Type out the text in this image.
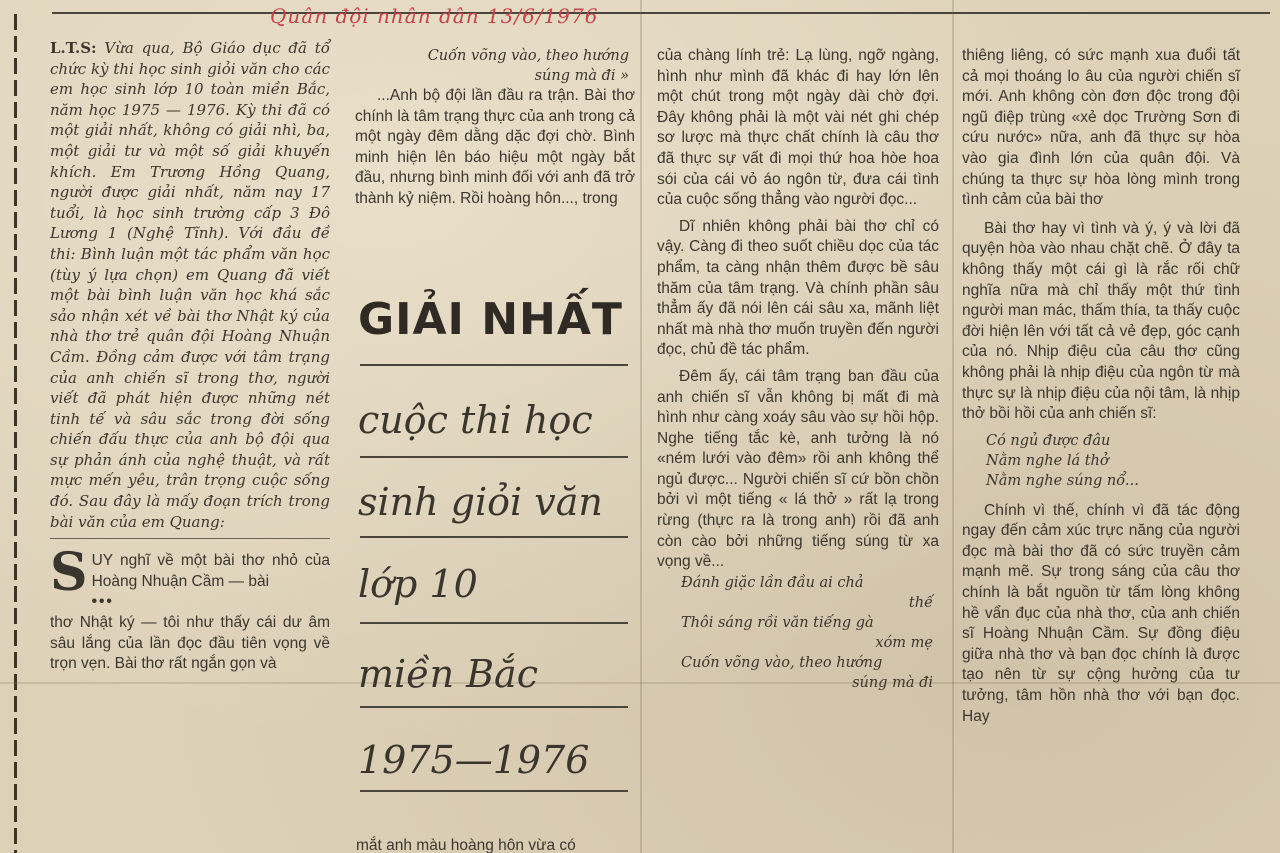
Quân đội nhân dân 13/6/1976

L.T.S: Vừa qua, Bộ Giáo dục đã tổ chức kỳ thi học sinh giỏi văn cho các em học sinh lớp 10 toàn miền Bắc, năm học 1975 — 1976. Kỳ thi đã có một giải nhất, không có giải nhì, ba, một giải tư và một số giải khuyến khích. Em Trương Hồng Quang, người được giải nhất, năm nay 17 tuổi, là học sinh trường cấp 3 Đô Lương 1 (Nghệ Tĩnh). Với đầu đề thi: Bình luận một tác phẩm văn học (tùy ý lựa chọn) em Quang đã viết một bài bình luận văn học khá sắc sảo nhận xét về bài thơ Nhật ký của nhà thơ trẻ quân đội Hoàng Nhuận Cầm. Đồng cảm được với tâm trạng của anh chiến sĩ trong thơ, người viết đã phát hiện được những nét tinh tế và sâu sắc trong đời sống chiến đấu thực của anh bộ đội qua sự phản ánh của nghệ thuật, và rất mực mến yêu, trân trọng cuộc sống đó. Sau đây là mấy đoạn trích trong bài văn của em Quang:

S UY nghĩ về một bài thơ nhỏ của Hoàng Nhuận Cầm — bài

•••

thơ Nhật ký — tôi như thấy cái dư âm sâu lắng của lần đọc đầu tiên vọng về trọn vẹn. Bài thơ rất ngắn gọn và

Cuốn võng vào, theo hướng

súng mà đi »

...Anh bộ đội lần đầu ra trận. Bài thơ chính là tâm trạng thực của anh trong cả một ngày đêm dằng dặc đợi chờ. Bình minh hiện lên báo hiệu một ngày bắt đầu, nhưng bình minh đối với anh đã trở thành kỷ niệm. Rồi hoàng hôn..., trong

GIẢI NHẤT
cuộc thi học
sinh giỏi văn
lớp 10
miền Bắc
1975—1976

mắt anh màu hoàng hôn vừa có

của chàng lính trẻ: Lạ lùng, ngỡ ngàng, hình như mình đã khác đi hay lớn lên một chút trong một ngày dài chờ đợi. Đây không phải là một vài nét ghi chép sơ lược mà thực chất chính là câu thơ đã thực sự vất đi mọi thứ hoa hòe hoa sói của cái vỏ áo ngôn từ, đưa cái tình của cuộc sống thẳng vào người đọc...

Dĩ nhiên không phải bài thơ chỉ có vậy. Càng đi theo suốt chiều dọc của tác phẩm, ta càng nhận thêm được bề sâu thăm của tâm trạng. Và chính phần sâu thẳm ấy đã nói lên cái sâu xa, mãnh liệt nhất mà nhà thơ muốn truyền đến người đọc, chủ đề tác phẩm.

Đêm ấy, cái tâm trạng ban đầu của anh chiến sĩ vẫn không bị mất đi mà hình như càng xoáy sâu vào sự hồi hộp. Nghe tiếng tắc kè, anh tưởng là nó «ném lưới vào đêm» rồi anh không thể ngủ được... Người chiến sĩ cứ bồn chồn bởi vì một tiếng « lá thở » rất lạ trong rừng (thực ra là trong anh) rồi đã anh còn cào bởi những tiếng súng từ xa vọng về...

Đánh giặc lần đầu ai chả

thế

Thôi sáng rồi văn tiếng gà

xóm mẹ

Cuốn võng vào, theo hướng

súng mà đi

thiêng liêng, có sức mạnh xua đuổi tất cả mọi thoáng lo âu của người chiến sĩ mới. Anh không còn đơn độc trong đội ngũ điệp trùng «xẻ dọc Trường Sơn đi cứu nước» nữa, anh đã thực sự hòa vào gia đình lớn của quân đội. Và chúng ta thực sự hòa lòng mình trong tình cảm của bài thơ

Bài thơ hay vì tình và ý, ý và lời đã quyện hòa vào nhau chặt chẽ. Ở đây ta không thấy một cái gì là rắc rối chữ nghĩa nữa mà chỉ thấy một thứ tình người man mác, thấm thía, ta thấy cuộc đời hiện lên với tất cả vẻ đẹp, góc cạnh của nó. Nhịp điệu của câu thơ cũng không phải là nhịp điệu của ngôn từ mà thực sự là nhịp điệu của nội tâm, là nhịp thở bồi hồi của anh chiến sĩ:

Có ngủ được đâu

Nằm nghe lá thở

Nằm nghe súng nổ...

Chính vì thế, chính vì đã tác động ngay đến cảm xúc trực năng của người đọc mà bài thơ đã có sức truyền cảm mạnh mẽ. Sự trong sáng của câu thơ chính là bắt nguồn từ tấm lòng không hề vẩn đục của nhà thơ, của anh chiến sĩ Hoàng Nhuận Cầm. Sự đồng điệu giữa nhà thơ và bạn đọc chính là được tạo nên từ sự cộng hưởng của tư tưởng, tâm hồn nhà thơ với bạn đọc. Hay
